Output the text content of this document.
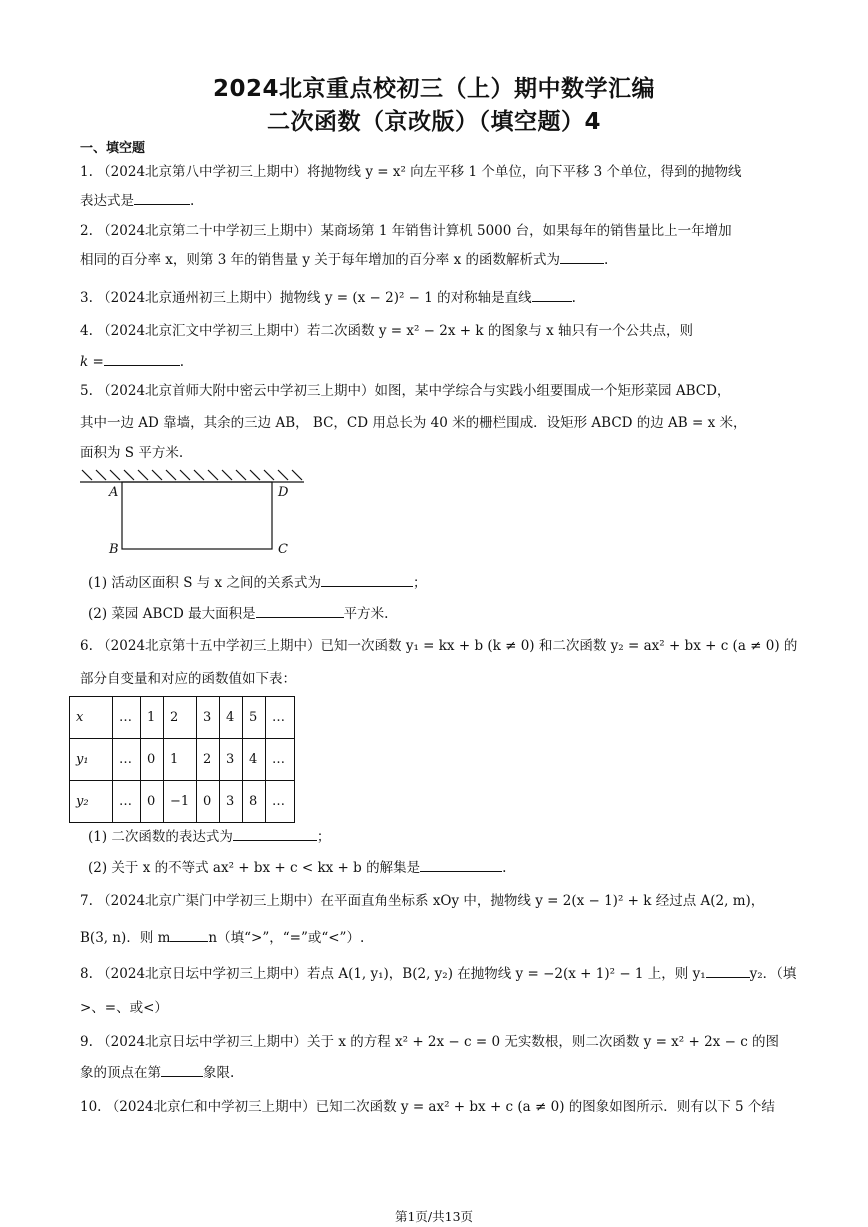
2024北京重点校初三（上）期中数学汇编
二次函数（京改版）（填空题）4
一、填空题
1. （2024北京第八中学初三上期中）将抛物线 y = x² 向左平移 1 个单位，向下平移 3 个单位，得到的抛物线
表达式是	.
2. （2024北京第二十中学初三上期中）某商场第 1 年销售计算机 5000 台，如果每年的销售量比上一年增加
相同的百分率 x，则第 3 年的销售量 y 关于每年增加的百分率 x 的函数解析式为	.
3. （2024北京通州初三上期中）抛物线 y = (x − 2)² − 1 的对称轴是直线	.
4. （2024北京汇文中学初三上期中）若二次函数 y = x² − 2x + k 的图象与 x 轴只有一个公共点，则
k =	.
5. （2024北京首师大附中密云中学初三上期中）如图，某中学综合与实践小组要围成一个矩形菜园 ABCD，
其中一边 AD 靠墙，其余的三边 AB， BC，CD 用总长为 40 米的栅栏围成．设矩形 ABCD 的边 AB = x 米，
面积为 S 平方米.
A	D
B	C
(1) 活动区面积 S 与 x 之间的关系式为	；
(2) 菜园 ABCD 最大面积是	平方米.
6. （2024北京第十五中学初三上期中）已知一次函数 y₁ = kx + b (k ≠ 0) 和二次函数 y₂ = ax² + bx + c (a ≠ 0) 的
部分自变量和对应的函数值如下表：
x	…	1	2	3	4	5	…
y₁	…	0	1	2	3	4	…
y₂	…	0	−1	0	3	8	…
(1) 二次函数的表达式为	；
(2) 关于 x 的不等式 ax² + bx + c < kx + b 的解集是	.
7. （2024北京广渠门中学初三上期中）在平面直角坐标系 xOy 中，抛物线 y = 2(x − 1)² + k 经过点 A(2, m)，
B(3, n)．则 m	n（填“>”，“=”或“<”）.
8. （2024北京日坛中学初三上期中）若点 A(1, y₁)，B(2, y₂) 在抛物线 y = −2(x + 1)² − 1 上，则 y₁	y₂．（填
>、=、或<）
9. （2024北京日坛中学初三上期中）关于 x 的方程 x² + 2x − c = 0 无实数根，则二次函数 y = x² + 2x − c 的图
象的顶点在第	象限.
10. （2024北京仁和中学初三上期中）已知二次函数 y = ax² + bx + c (a ≠ 0) 的图象如图所示．则有以下 5 个结
第1页/共13页
